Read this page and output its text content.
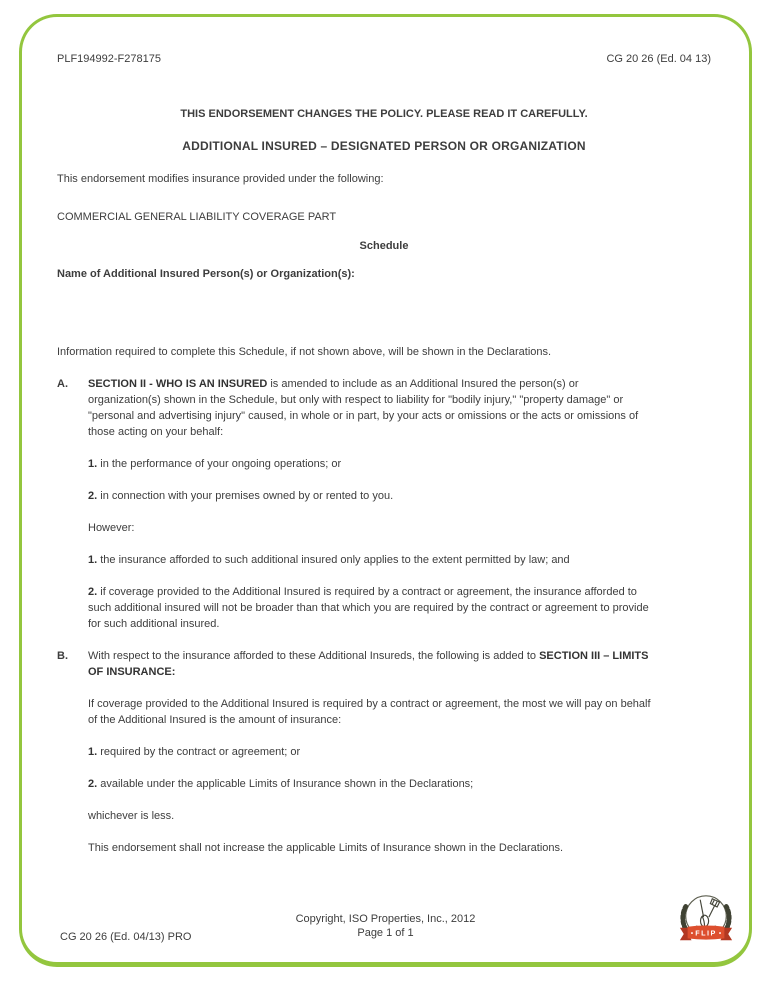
PLF194992-F278175	CG 20 26 (Ed. 04 13)
THIS ENDORSEMENT CHANGES THE POLICY. PLEASE READ IT CAREFULLY.
ADDITIONAL INSURED – DESIGNATED PERSON OR ORGANIZATION

This endorsement modifies insurance provided under the following:

COMMERCIAL GENERAL LIABILITY COVERAGE PART

Schedule

Name of Additional Insured Person(s) or Organization(s):

Information required to complete this Schedule, if not shown above, will be shown in the Declarations.

A.	SECTION II - WHO IS AN INSURED is amended to include as an Additional Insured the person(s) or organization(s) shown in the Schedule, but only with respect to liability for "bodily injury," "property damage" or "personal and advertising injury" caused, in whole or in part, by your acts or omissions or the acts or omissions of those acting on your behalf:

1. in the performance of your ongoing operations; or

2. in connection with your premises owned by or rented to you.

However:

1. the insurance afforded to such additional insured only applies to the extent permitted by law; and

2. if coverage provided to the Additional Insured is required by a contract or agreement, the insurance afforded to such additional insured will not be broader than that which you are required by the contract or agreement to provide for such additional insured.

B.	With respect to the insurance afforded to these Additional Insureds, the following is added to SECTION III – LIMITS OF INSURANCE:

If coverage provided to the Additional Insured is required by a contract or agreement, the most we will pay on behalf of the Additional Insured is the amount of insurance:

1. required by the contract or agreement; or

2. available under the applicable Limits of Insurance shown in the Declarations;

whichever is less.

This endorsement shall not increase the applicable Limits of Insurance shown in the Declarations.

CG 20 26 (Ed. 04/13) PRO
Copyright, ISO Properties, Inc., 2012
Page 1 of 1	FLIP
